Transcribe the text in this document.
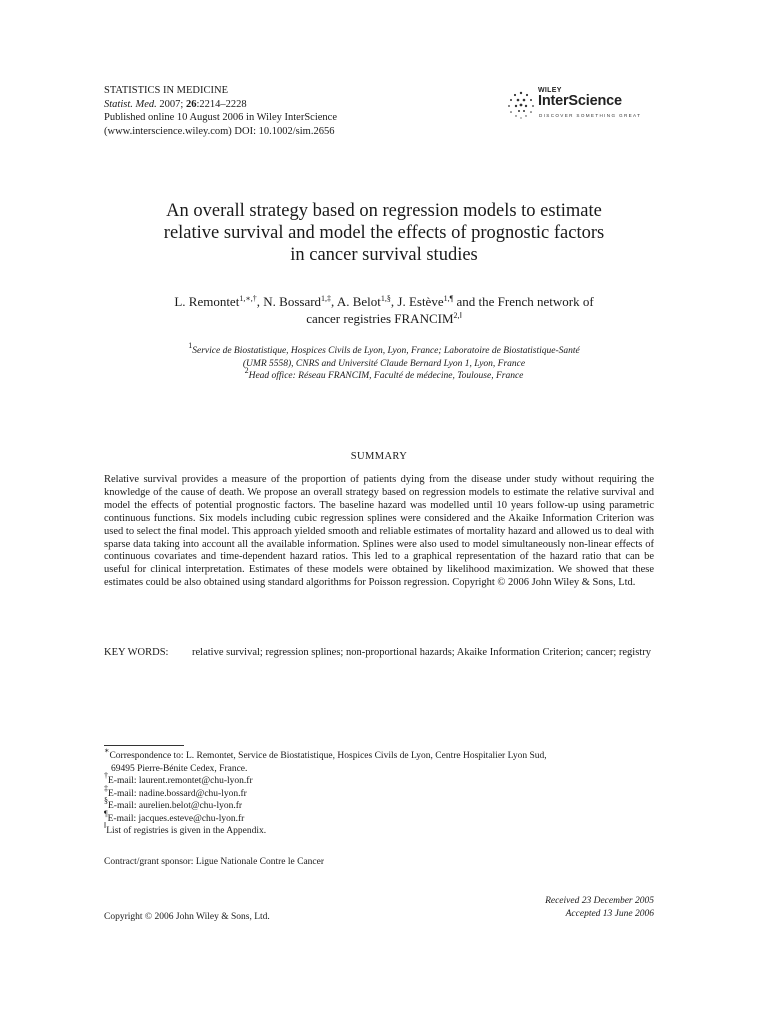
STATISTICS IN MEDICINE
Statist. Med. 2007; 26:2214–2228
Published online 10 August 2006 in Wiley InterScience
(www.interscience.wiley.com) DOI: 10.1002/sim.2656
WILEY
InterScience
DISCOVER SOMETHING GREAT
An overall strategy based on regression models to estimate
relative survival and model the effects of prognostic factors
in cancer survival studies
L. Remontet$^{1,∗,\dagger}$, N. Bossard$^{1,\ddagger}$, A. Belot$^{1,\S}$, J. Estève$^{1,\P}$ and the French network of
cancer registries $FRANCIM^{2,‖}$
$^1$Service de Biostatistique, Hospices Civils de Lyon, Lyon, France; Laboratoire de Biostatistique-Santé
(UMR 5558), CNRS and Université Claude Bernard Lyon 1, Lyon, France
$^2$Head office: Réseau FRANCIM, Faculté de médecine, Toulouse, France
SUMMARY
Relative survival provides a measure of the proportion of patients dying from the disease under study without requiring the knowledge of the cause of death. We propose an overall strategy based on regression models to estimate the relative survival and model the effects of potential prognostic factors. The baseline hazard was modelled until 10 years follow-up using parametric continuous functions. Six models including cubic regression splines were considered and the Akaike Information Criterion was used to select the final model. This approach yielded smooth and reliable estimates of mortality hazard and allowed us to deal with sparse data taking into account all the available information. Splines were also used to model simultaneously non-linear effects of continuous covariates and time-dependent hazard ratios. This led to a graphical representation of the hazard ratio that can be useful for clinical interpretation. Estimates of these models were obtained by likelihood maximization. We showed that these estimates could be also obtained using standard algorithms for Poisson regression. Copyright © 2006 John Wiley & Sons, Ltd.
KEY WORDS: relative survival; regression splines; non-proportional hazards; Akaike Information Criterion; cancer; registry
∗Correspondence to: L. Remontet, Service de Biostatistique, Hospices Civils de Lyon, Centre Hospitalier Lyon Sud,
69495 Pierre-Bénite Cedex, France.
†E-mail: laurent.remontet@chu-lyon.fr
‡E-mail: nadine.bossard@chu-lyon.fr
§E-mail: aurelien.belot@chu-lyon.fr
¶E-mail: jacques.esteve@chu-lyon.fr
‖List of registries is given in the Appendix.
Contract/grant sponsor: Ligue Nationale Contre le Cancer
Received 23 December 2005
Accepted 13 June 2006
Copyright © 2006 John Wiley & Sons, Ltd.
